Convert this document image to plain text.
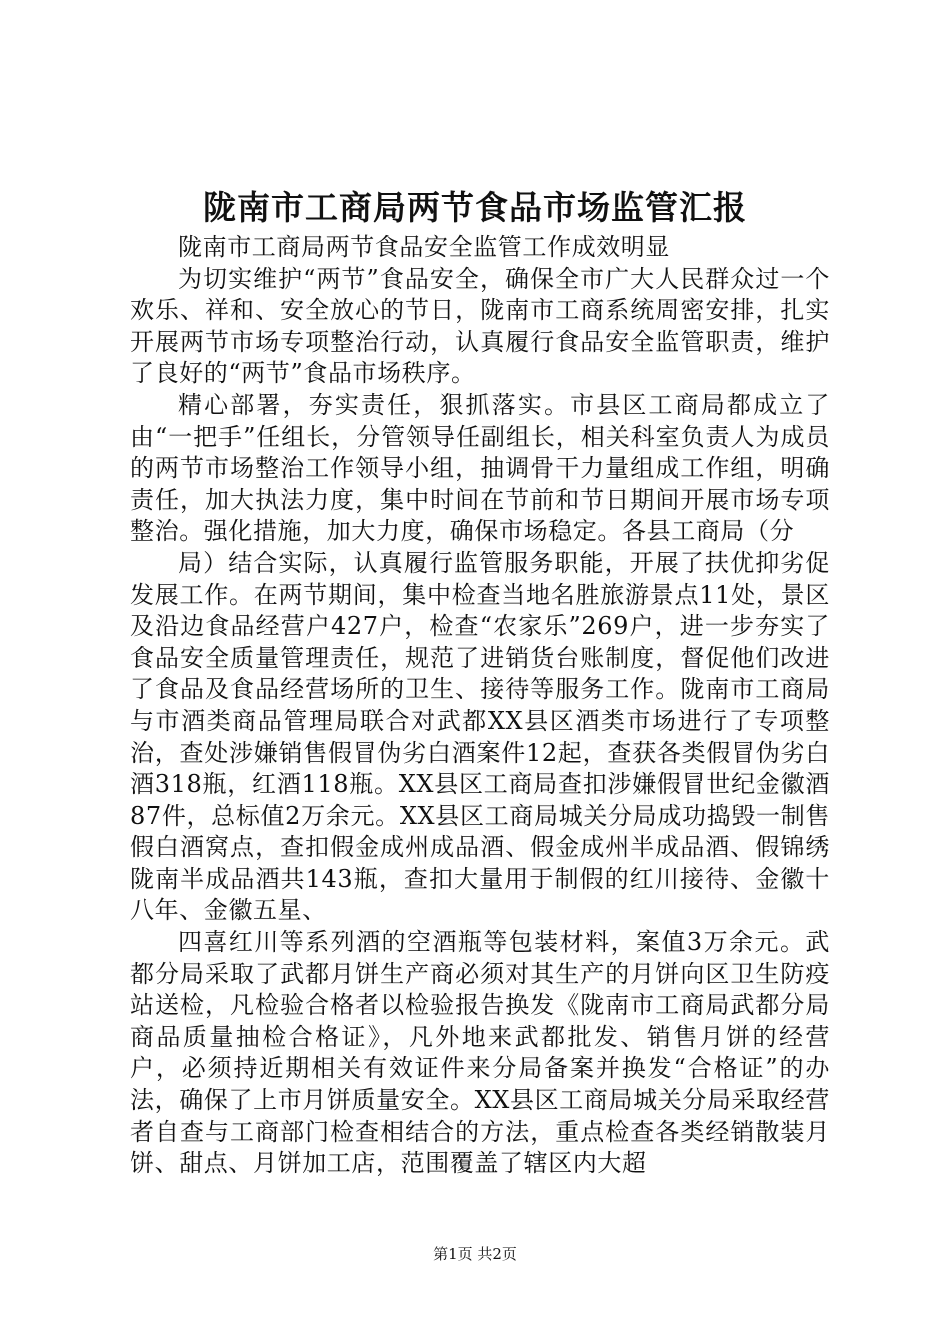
陇南市工商局两节食品市场监管汇报

陇南市工商局两节食品安全监管工作成效明显

为切实维护“两节”食品安全，确保全市广大人民群众过一个欢乐、祥和、安全放心的节日，陇南市工商系统周密安排，扎实开展两节市场专项整治行动，认真履行食品安全监管职责，维护了良好的“两节”食品市场秩序。

精心部署，夯实责任，狠抓落实。市县区工商局都成立了由“一把手”任组长，分管领导任副组长，相关科室负责人为成员的两节市场整治工作领导小组，抽调骨干力量组成工作组，明确责任，加大执法力度，集中时间在节前和节日期间开展市场专项整治。强化措施，加大力度，确保市场稳定。各县工商局（分

局）结合实际，认真履行监管服务职能，开展了扶优抑劣促发展工作。在两节期间，集中检查当地名胜旅游景点11处，景区及沿边食品经营户427户，检查“农家乐”269户，进一步夯实了食品安全质量管理责任，规范了进销货台账制度，督促他们改进了食品及食品经营场所的卫生、接待等服务工作。陇南市工商局与市酒类商品管理局联合对武都XX县区酒类市场进行了专项整治，查处涉嫌销售假冒伪劣白酒案件12起，查获各类假冒伪劣白酒318瓶，红酒118瓶。XX县区工商局查扣涉嫌假冒世纪金徽酒87件，总标值2万余元。XX县区工商局城关分局成功捣毁一制售假白酒窝点，查扣假金成州成品酒、假金成州半成品酒、假锦绣陇南半成品酒共143瓶，查扣大量用于制假的红川接待、金徽十八年、金徽五星、

四喜红川等系列酒的空酒瓶等包装材料，案值3万余元。武都分局采取了武都月饼生产商必须对其生产的月饼向区卫生防疫站送检，凡检验合格者以检验报告换发《陇南市工商局武都分局商品质量抽检合格证》，凡外地来武都批发、销售月饼的经营户，必须持近期相关有效证件来分局备案并换发“合格证”的办法，确保了上市月饼质量安全。XX县区工商局城关分局采取经营者自查与工商部门检查相结合的方法，重点检查各类经销散装月饼、甜点、月饼加工店，范围覆盖了辖区内大超

第1页 共2页
